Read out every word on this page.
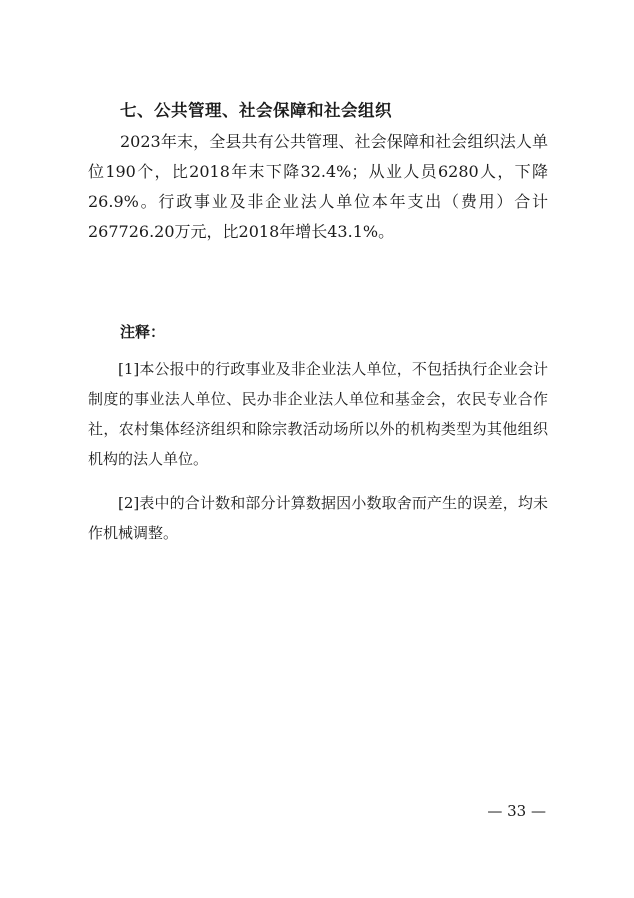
七、公共管理、社会保障和社会组织
2023年末，全县共有公共管理、社会保障和社会组织法人单位190个，比2018年末下降32.4%；从业人员6280人，下降26.9%。行政事业及非企业法人单位本年支出（费用）合计267726.20万元，比2018年增长43.1%。
注释：
[1]本公报中的行政事业及非企业法人单位，不包括执行企业会计制度的事业法人单位、民办非企业法人单位和基金会，农民专业合作社，农村集体经济组织和除宗教活动场所以外的机构类型为其他组织机构的法人单位。
[2]表中的合计数和部分计算数据因小数取舍而产生的误差，均未作机械调整。
— 33 —
